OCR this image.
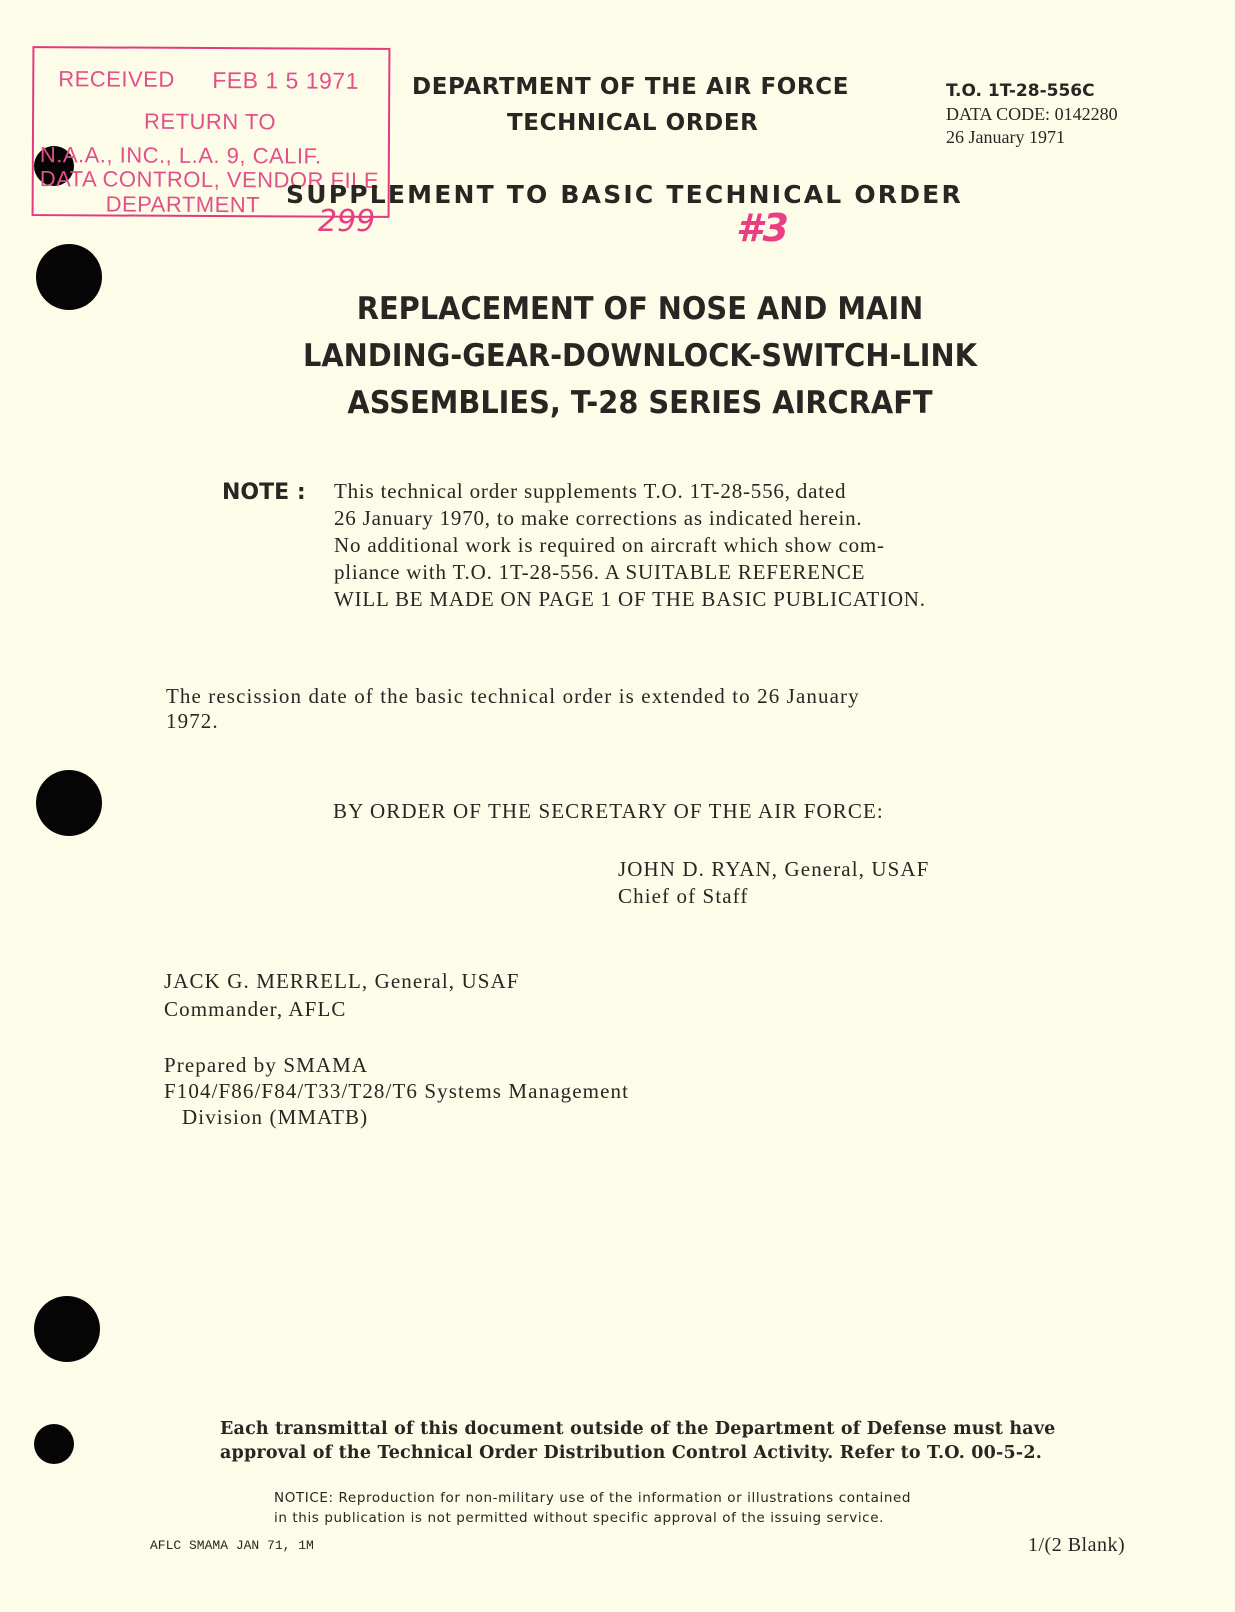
RECEIVED FEB 1 5 1971
RETURN TO
N.A.A., INC., L.A. 9, CALIF.
DATA CONTROL, VENDOR FILE
DEPARTMENT 299
DEPARTMENT OF THE AIR FORCE
TECHNICAL ORDER
T.O. 1T-28-556C
DATA CODE: 0142280
26 January 1971
SUPPLEMENT TO BASIC TECHNICAL ORDER
#3
REPLACEMENT OF NOSE AND MAIN
LANDING-GEAR-DOWNLOCK-SWITCH-LINK
ASSEMBLIES, T-28 SERIES AIRCRAFT
NOTE : This technical order supplements T.O. 1T-28-556, dated
26 January 1970, to make corrections as indicated herein.
No additional work is required on aircraft which show com-
pliance with T.O. 1T-28-556. A SUITABLE REFERENCE
WILL BE MADE ON PAGE 1 OF THE BASIC PUBLICATION.
The rescission date of the basic technical order is extended to 26 January
1972.
BY ORDER OF THE SECRETARY OF THE AIR FORCE:
JOHN D. RYAN, General, USAF
Chief of Staff
JACK G. MERRELL, General, USAF
Commander, AFLC
Prepared by SMAMA
F104/F86/F84/T33/T28/T6 Systems Management
Division (MMATB)
Each transmittal of this document outside of the Department of Defense must have
approval of the Technical Order Distribution Control Activity. Refer to T.O. 00-5-2.
NOTICE: Reproduction for non-military use of the information or illustrations contained
in this publication is not permitted without specific approval of the issuing service.
AFLC SMAMA JAN 71, 1M	1/(2 Blank)
